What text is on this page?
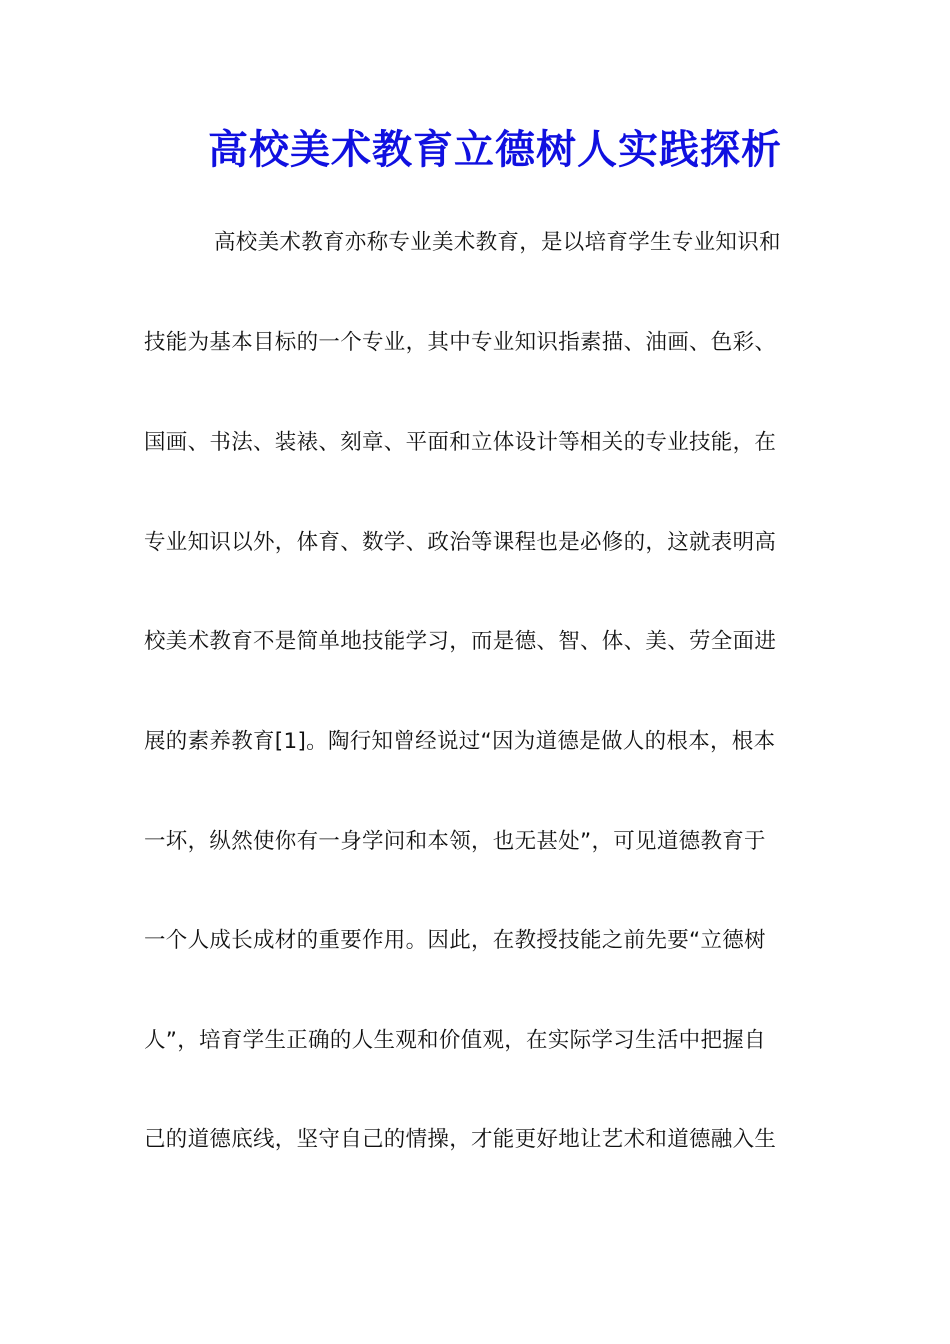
高校美术教育立德树人实践探析
高校美术教育亦称专业美术教育，是以培育学生专业知识和
技能为基本目标的一个专业，其中专业知识指素描、油画、色彩、
国画、书法、装裱、刻章、平面和立体设计等相关的专业技能，在
专业知识以外，体育、数学、政治等课程也是必修的，这就表明高
校美术教育不是简单地技能学习，而是德、智、体、美、劳全面进
展的素养教育[1]。陶行知曾经说过“因为道德是做人的根本，根本
一坏，纵然使你有一身学问和本领，也无甚处”，可见道德教育于
一个人成长成材的重要作用。因此，在教授技能之前先要“立德树
人”，培育学生正确的人生观和价值观，在实际学习生活中把握自
己的道德底线，坚守自己的情操，才能更好地让艺术和道德融入生
